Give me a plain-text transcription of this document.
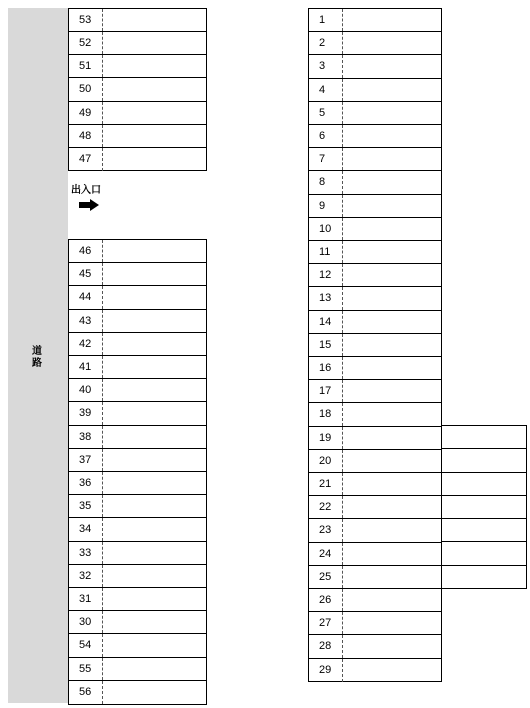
道路
出入口
53
52
51
50
49
48
47
46
45
44
43
42
41
40
39
38
37
36
35
34
33
32
31
30
54
55
56
1
2
3
4
5
6
7
8
9
10
11
12
13
14
15
16
17
18
19
20
21
22
23
24
25
26
27
28
29
